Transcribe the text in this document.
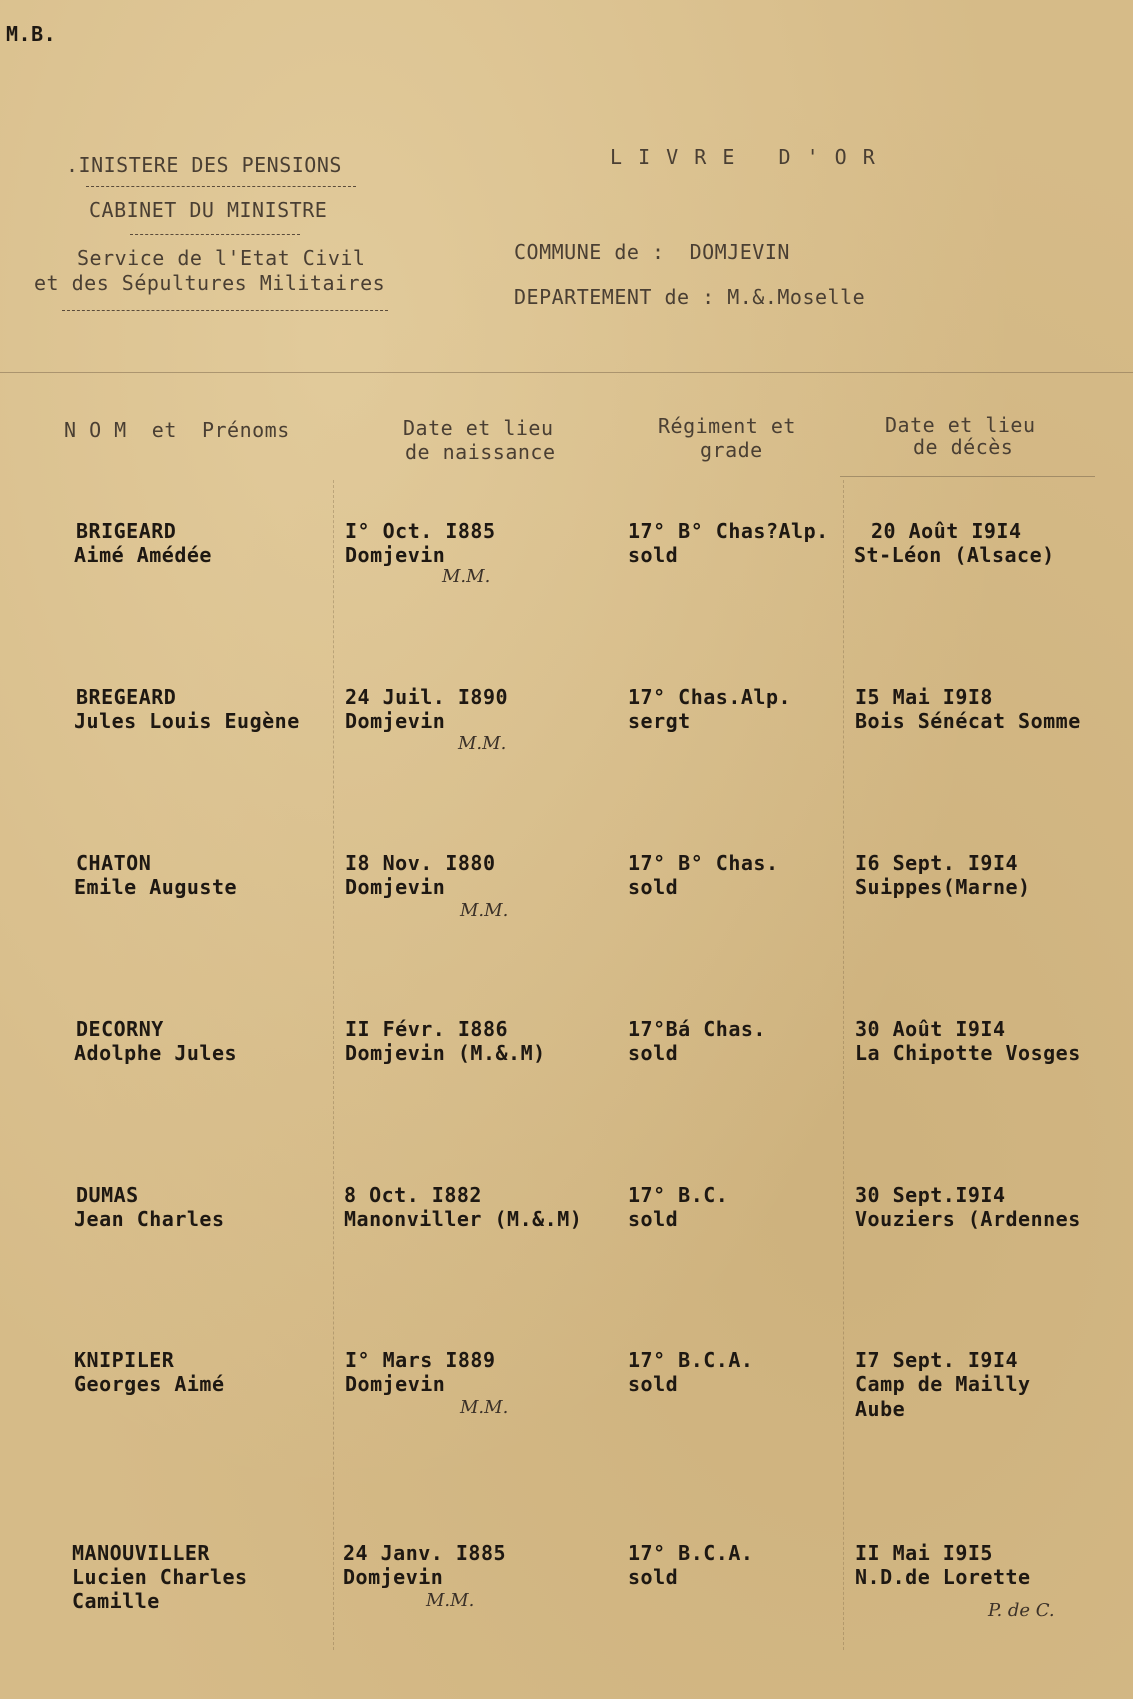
M.B.
.INISTERE DES PENSIONS
CABINET DU MINISTRE
Service de l'Etat Civil
et des Sépultures Militaires
L I V R E   D ' O R
COMMUNE de :  DOMJEVIN
DEPARTEMENT de : M.&.Moselle
N O M  et  Prénoms	Date et lieu
de naissance
Régiment et
grade
Date et lieu
de décès
BRIGEARD
Aimé Amédée
I° Oct. I885
Domjevin
M.M.
17° B° Chas?Alp.
sold
20 Août I9I4
St-Léon (Alsace)
BREGEARD
Jules Louis Eugène
24 Juil. I890
Domjevin
M.M.
17° Chas.Alp.
sergt
I5 Mai I9I8
Bois Sénécat Somme
CHATON
Emile Auguste
I8 Nov. I880
Domjevin
M.M.
17° B° Chas.
sold
I6 Sept. I9I4
Suippes(Marne)
DECORNY
Adolphe Jules
II Févr. I886
Domjevin (M.&.M)
17°Bá Chas.
sold
30 Août I9I4
La Chipotte Vosges
DUMAS
Jean Charles
8 Oct. I882
Manonviller (M.&.M)
17° B.C.
sold
30 Sept.I9I4
Vouziers (Ardennes
KNIPILER
Georges Aimé
I° Mars I889
Domjevin
M.M.
17° B.C.A.
sold
I7 Sept. I9I4
Camp de Mailly
Aube
MANOUVILLER
Lucien Charles
Camille
24 Janv. I885
Domjevin
M.M.
17° B.C.A.
sold
II Mai I9I5
N.D.de Lorette
P. de C.
